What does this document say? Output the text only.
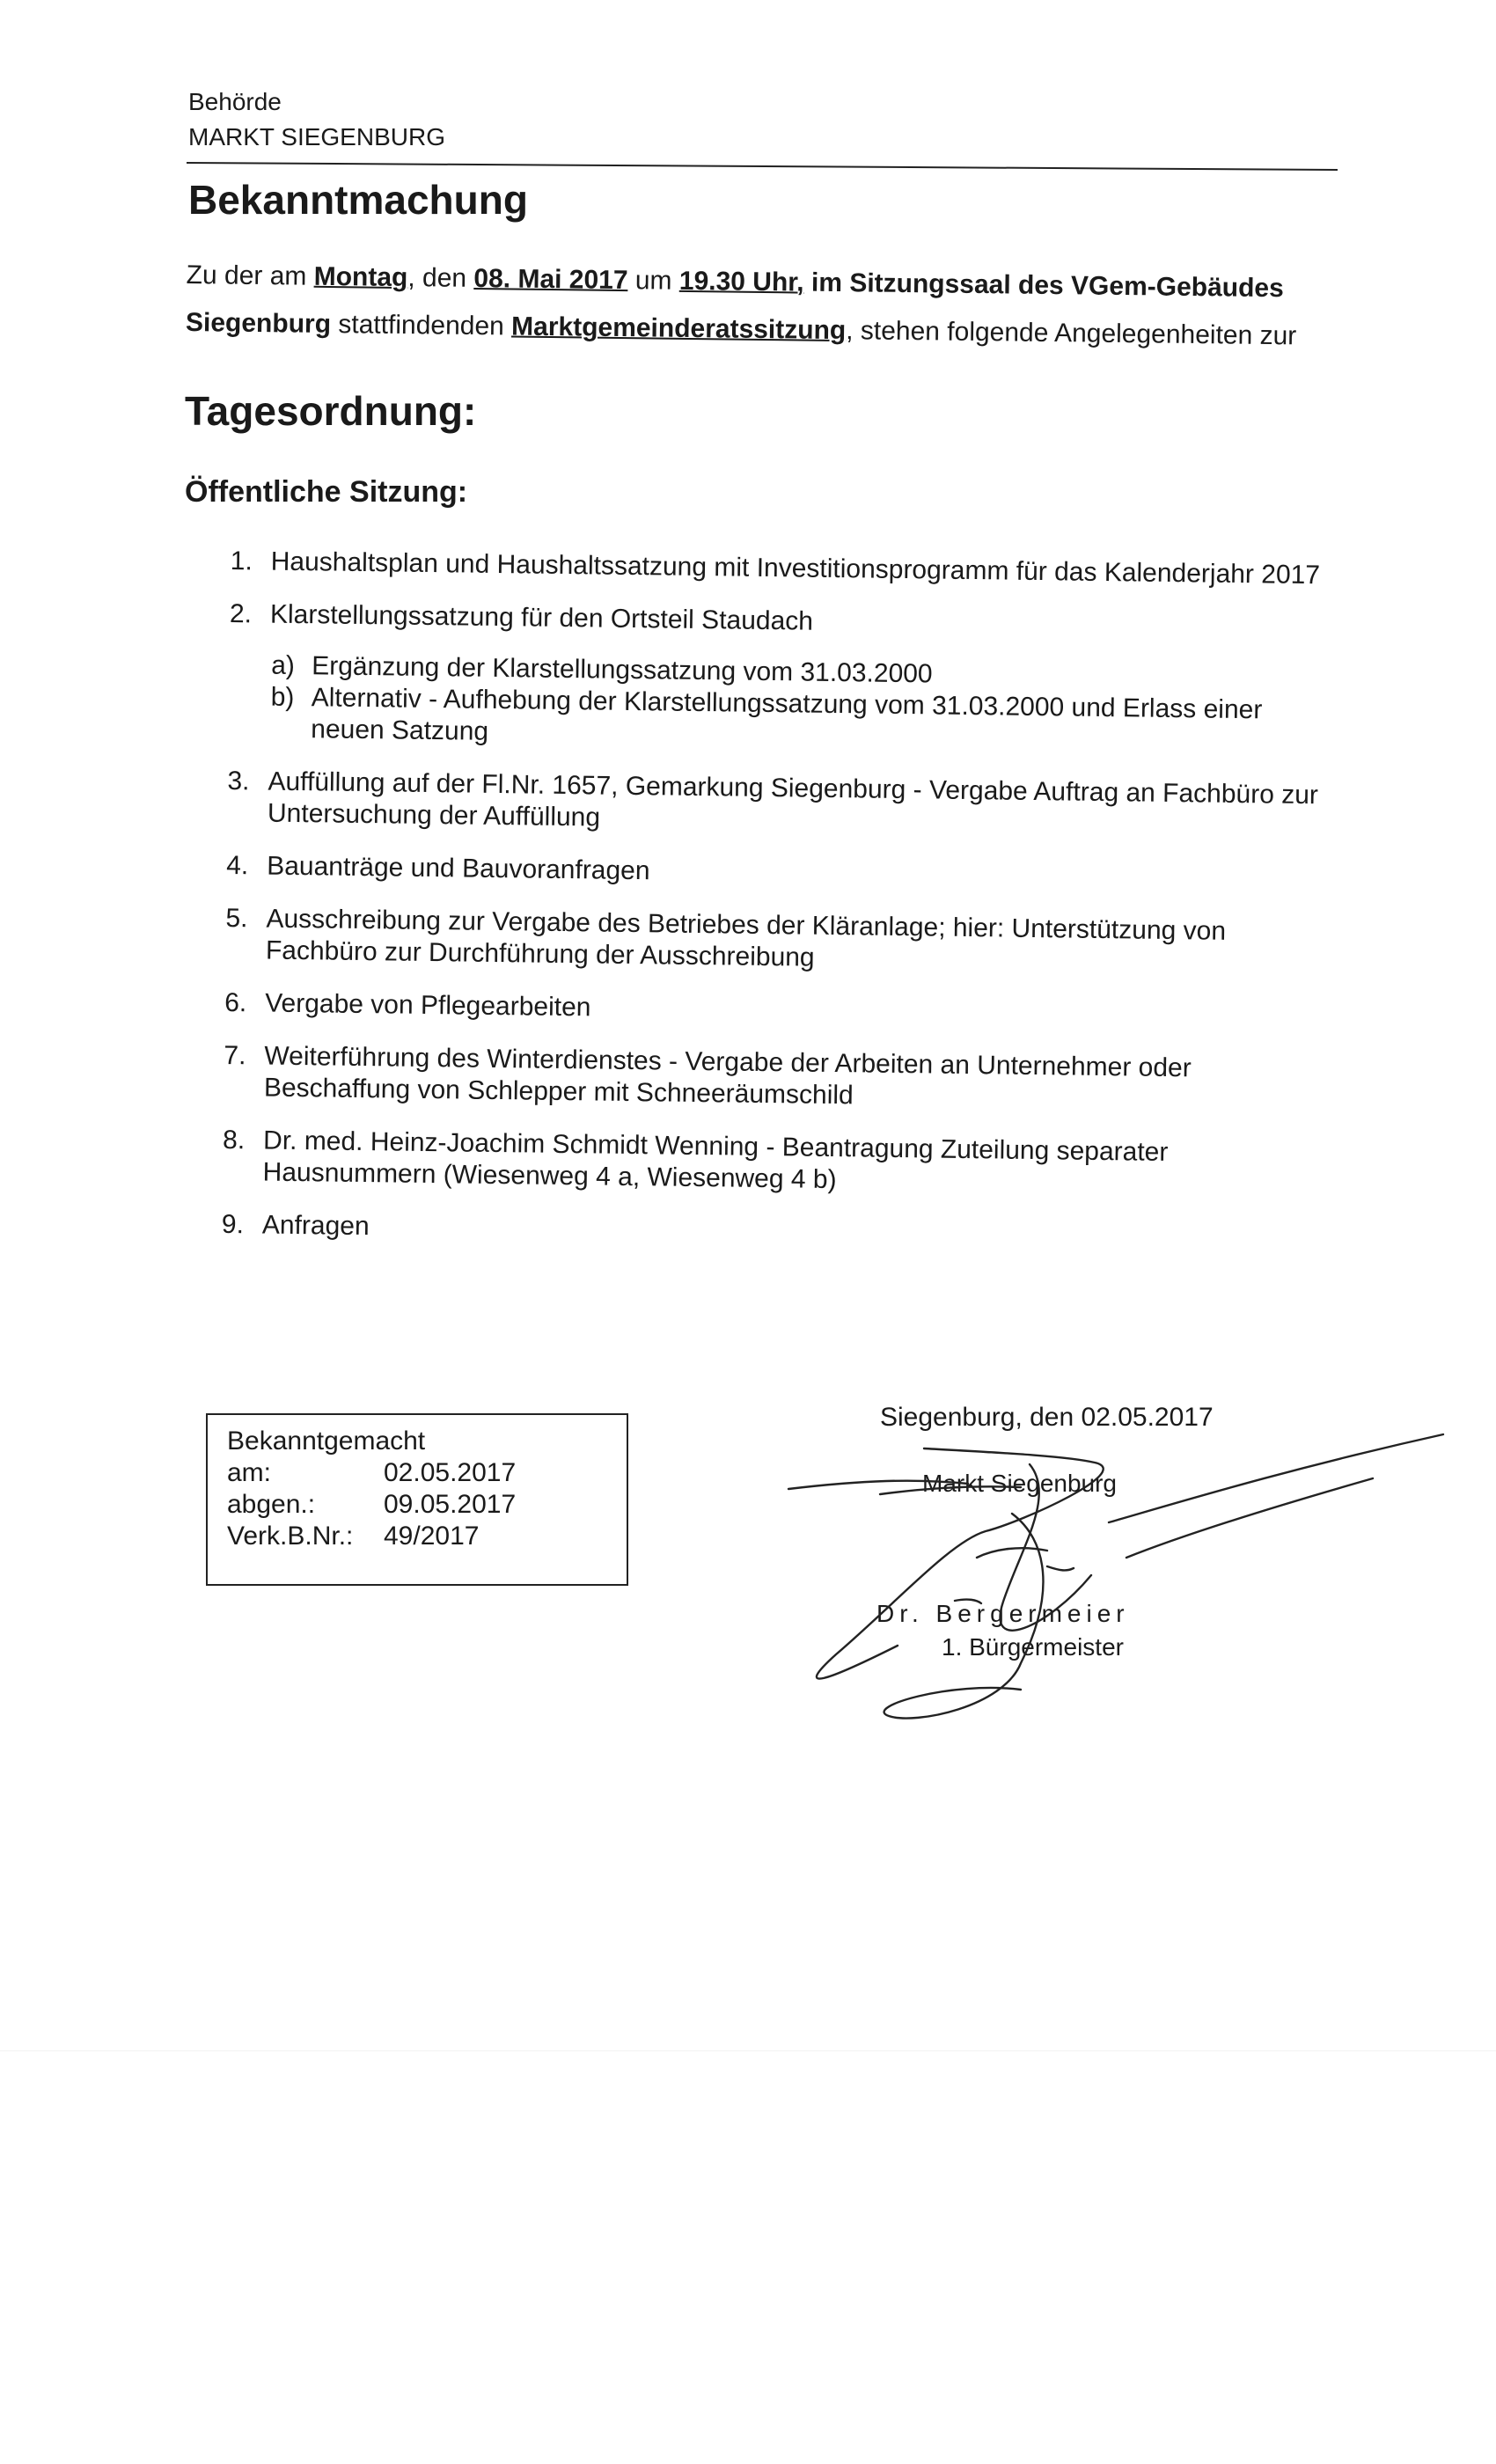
Behörde
MARKT SIEGENBURG
Bekanntmachung
Zu der am Montag, den 08. Mai 2017 um 19.30 Uhr, im Sitzungssaal des VGem-Gebäudes Siegenburg stattfindenden Marktgemeinderatssitzung, stehen folgende Angelegenheiten zur
Tagesordnung:
Öffentliche Sitzung:
1. Haushaltsplan und Haushaltssatzung mit Investitionsprogramm für das Kalenderjahr 2017
2. Klarstellungssatzung für den Ortsteil Staudach
a) Ergänzung der Klarstellungssatzung vom 31.03.2000
b) Alternativ - Aufhebung der Klarstellungssatzung vom 31.03.2000 und Erlass einer neuen Satzung
3. Auffüllung auf der Fl.Nr. 1657, Gemarkung Siegenburg - Vergabe Auftrag an Fachbüro zur Untersuchung der Auffüllung
4. Bauanträge und Bauvoranfragen
5. Ausschreibung zur Vergabe des Betriebes der Kläranlage; hier: Unterstützung von Fachbüro zur Durchführung der Ausschreibung
6. Vergabe von Pflegearbeiten
7. Weiterführung des Winterdienstes - Vergabe der Arbeiten an Unternehmer oder Beschaffung von Schlepper mit Schneeräumschild
8. Dr. med. Heinz-Joachim Schmidt Wenning - Beantragung Zuteilung separater Hausnummern (Wiesenweg 4 a, Wiesenweg 4 b)
9. Anfragen
Bekanntgemacht
am:	02.05.2017
abgen.:	09.05.2017
Verk.B.Nr.:	49/2017
Siegenburg, den 02.05.2017
Markt Siegenburg
Dr. Bergermeier
1. Bürgermeister
